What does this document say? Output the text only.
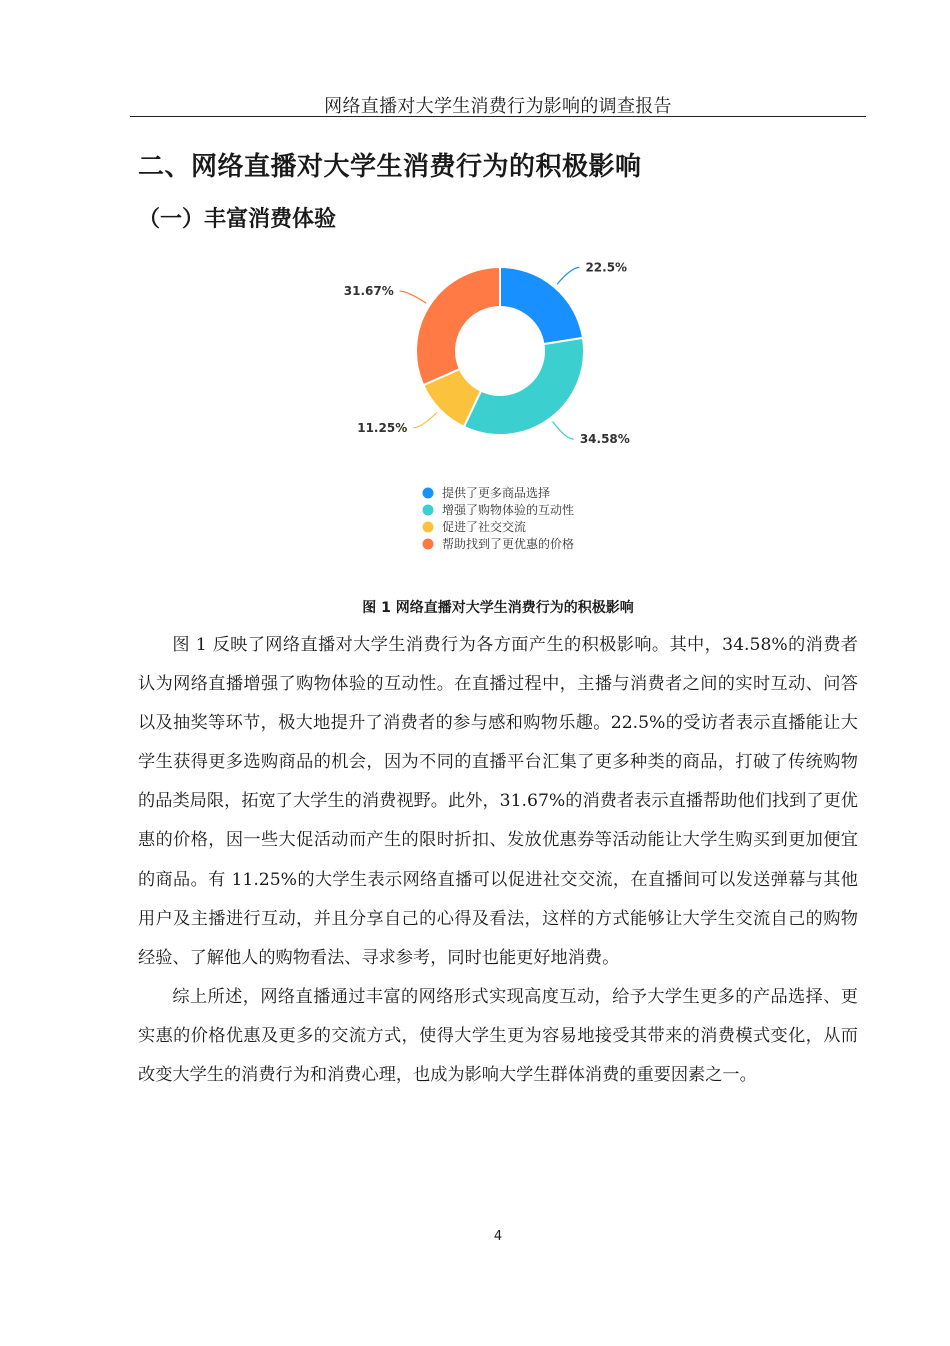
网络直播对大学生消费行为影响的调查报告
二、网络直播对大学生消费行为的积极影响
（一）丰富消费体验
22.5%
34.58%
11.25%
31.67%
提供了更多商品选择
增强了购物体验的互动性
促进了社交交流
帮助找到了更优惠的价格
图 1 网络直播对大学生消费行为的积极影响

图 1 反映了网络直播对大学生消费行为各方面产生的积极影响。其中，34.58%的消费者认为网络直播增强了购物体验的互动性。在直播过程中，主播与消费者之间的实时互动、问答以及抽奖等环节，极大地提升了消费者的参与感和购物乐趣。22.5%的受访者表示直播能让大学生获得更多选购商品的机会，因为不同的直播平台汇集了更多种类的商品，打破了传统购物的品类局限，拓宽了大学生的消费视野。此外，31.67%的消费者表示直播帮助他们找到了更优惠的价格，因一些大促活动而产生的限时折扣、发放优惠券等活动能让大学生购买到更加便宜的商品。有 11.25%的大学生表示网络直播可以促进社交交流，在直播间可以发送弹幕与其他用户及主播进行互动，并且分享自己的心得及看法，这样的方式能够让大学生交流自己的购物经验、了解他人的购物看法、寻求参考，同时也能更好地消费。

综上所述，网络直播通过丰富的网络形式实现高度互动，给予大学生更多的产品选择、更实惠的价格优惠及更多的交流方式，使得大学生更为容易地接受其带来的消费模式变化，从而改变大学生的消费行为和消费心理，也成为影响大学生群体消费的重要因素之一。

4
